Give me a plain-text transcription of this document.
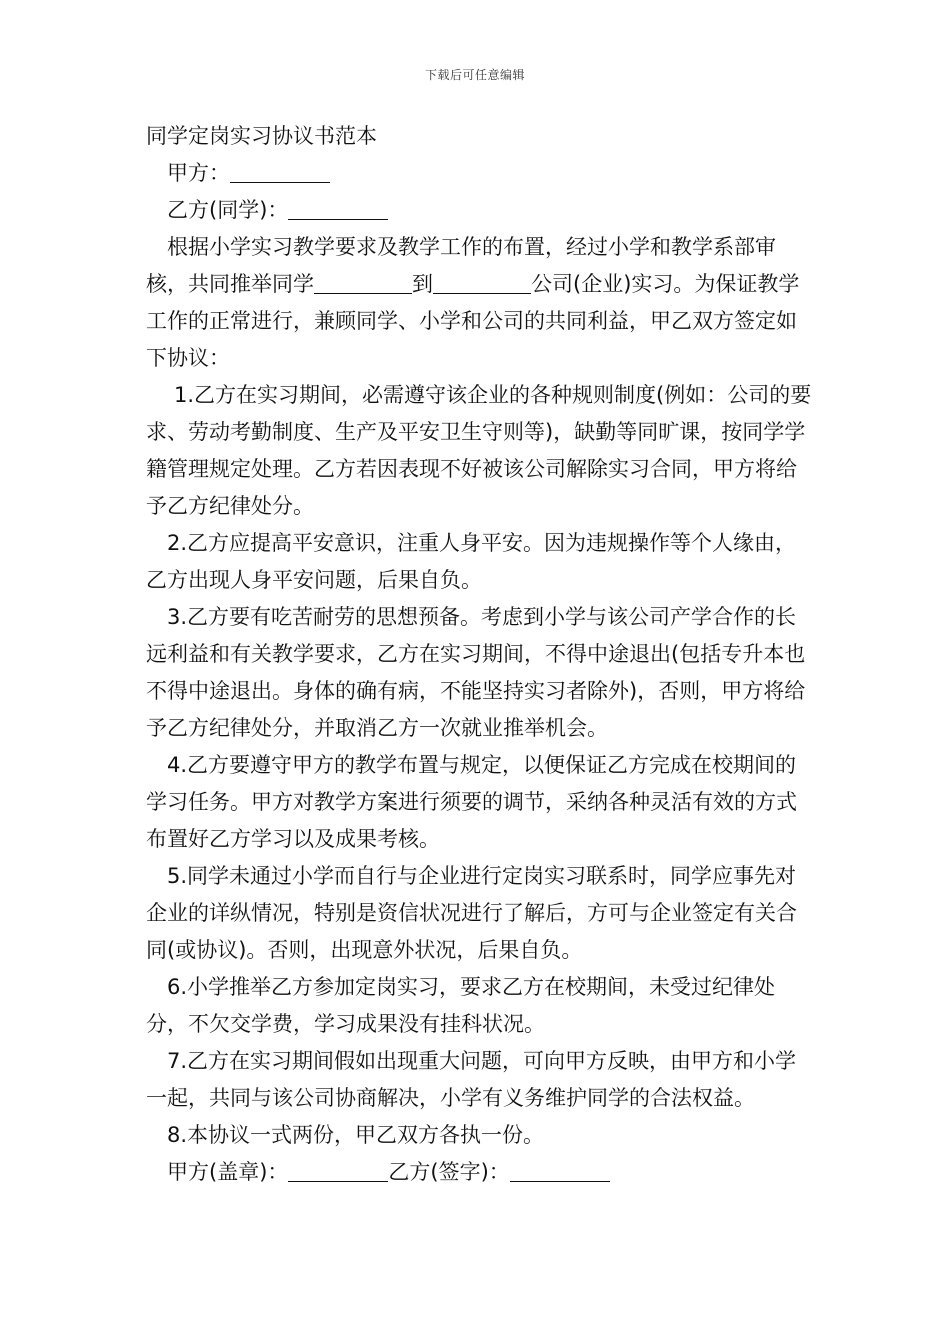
下载后可任意编辑
同学定岗实习协议书范本

甲方：

乙方(同学)：

根据小学实习教学要求及教学工作的布置，经过小学和教学系部审核，共同推举同学	到	公司(企业)实习。为保证教学工作的正常进行，兼顾同学、小学和公司的共同利益，甲乙双方签定如下协议：

1.乙方在实习期间，必需遵守该企业的各种规则制度(例如：公司的要求、劳动考勤制度、生产及平安卫生守则等)，缺勤等同旷课，按同学学籍管理规定处理。乙方若因表现不好被该公司解除实习合同，甲方将给予乙方纪律处分。

2.乙方应提高平安意识，注重人身平安。因为违规操作等个人缘由，乙方出现人身平安问题，后果自负。

3.乙方要有吃苦耐劳的思想预备。考虑到小学与该公司产学合作的长远利益和有关教学要求，乙方在实习期间，不得中途退出(包括专升本也不得中途退出。身体的确有病，不能坚持实习者除外)，否则，甲方将给予乙方纪律处分，并取消乙方一次就业推举机会。

4.乙方要遵守甲方的教学布置与规定，以便保证乙方完成在校期间的学习任务。甲方对教学方案进行须要的调节，采纳各种灵活有效的方式布置好乙方学习以及成果考核。

5.同学未通过小学而自行与企业进行定岗实习联系时，同学应事先对企业的详纵情况，特别是资信状况进行了解后，方可与企业签定有关合同(或协议)。否则，出现意外状况，后果自负。

6.小学推举乙方参加定岗实习，要求乙方在校期间，未受过纪律处分，不欠交学费，学习成果没有挂科状况。

7.乙方在实习期间假如出现重大问题，可向甲方反映，由甲方和小学一起，共同与该公司协商解决，小学有义务维护同学的合法权益。

8.本协议一式两份，甲乙双方各执一份。

甲方(盖章)：	乙方(签字)：
